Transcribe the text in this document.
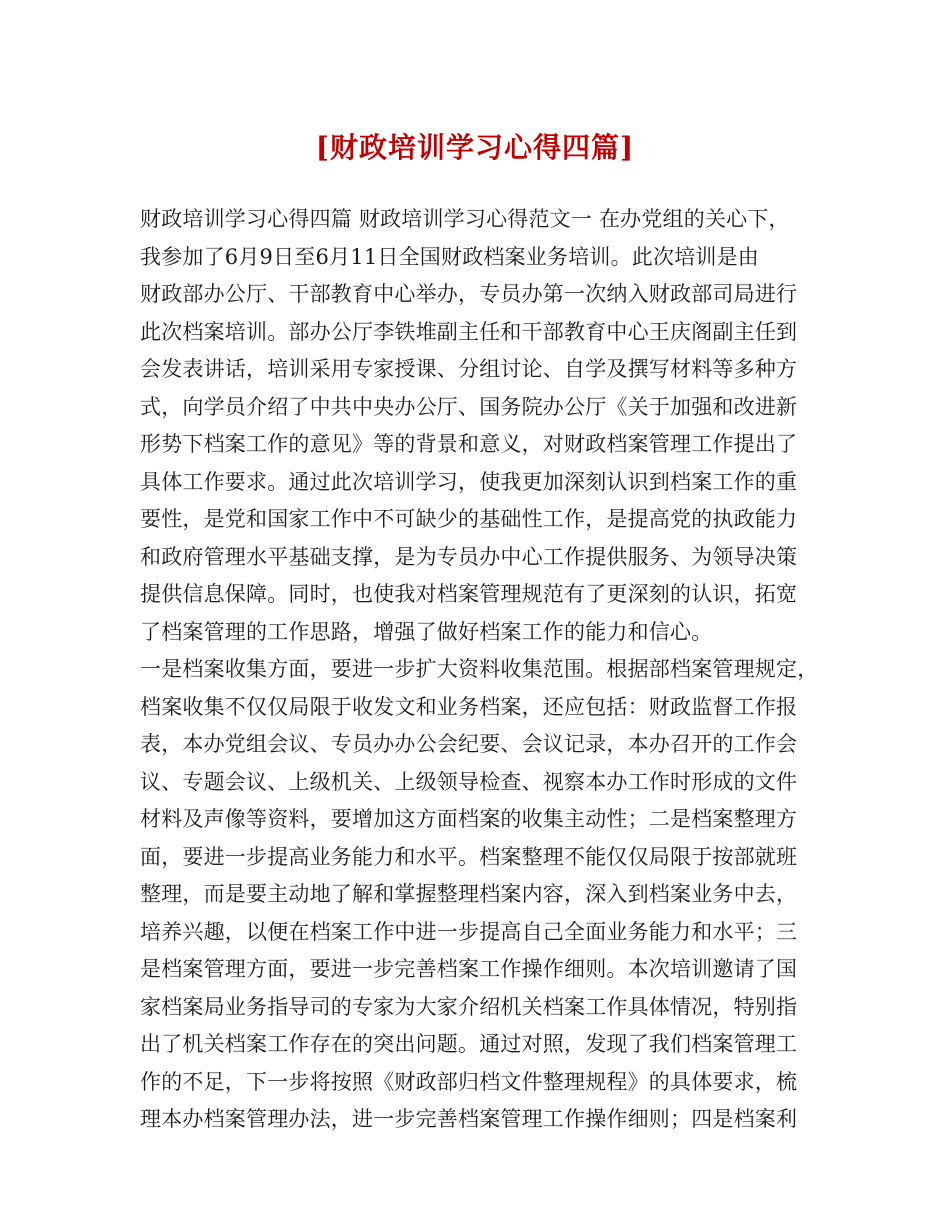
[财政培训学习心得四篇]
财政培训学习心得四篇 财政培训学习心得范文一 在办党组的关心下，
我参加了6月9日至6月11日全国财政档案业务培训。此次培训是由
财政部办公厅、干部教育中心举办，专员办第一次纳入财政部司局进行
此次档案培训。部办公厅李铁堆副主任和干部教育中心王庆阁副主任到
会发表讲话，培训采用专家授课、分组讨论、自学及撰写材料等多种方
式，向学员介绍了中共中央办公厅、国务院办公厅《关于加强和改进新
形势下档案工作的意见》等的背景和意义，对财政档案管理工作提出了
具体工作要求。通过此次培训学习，使我更加深刻认识到档案工作的重
要性，是党和国家工作中不可缺少的基础性工作，是提高党的执政能力
和政府管理水平基础支撑，是为专员办中心工作提供服务、为领导决策
提供信息保障。同时，也使我对档案管理规范有了更深刻的认识，拓宽
了档案管理的工作思路，增强了做好档案工作的能力和信心。
一是档案收集方面，要进一步扩大资料收集范围。根据部档案管理规定，
档案收集不仅仅局限于收发文和业务档案，还应包括：财政监督工作报
表，本办党组会议、专员办办公会纪要、会议记录，本办召开的工作会
议、专题会议、上级机关、上级领导检查、视察本办工作时形成的文件
材料及声像等资料，要增加这方面档案的收集主动性；二是档案整理方
面，要进一步提高业务能力和水平。档案整理不能仅仅局限于按部就班
整理，而是要主动地了解和掌握整理档案内容，深入到档案业务中去，
培养兴趣，以便在档案工作中进一步提高自己全面业务能力和水平；三
是档案管理方面，要进一步完善档案工作操作细则。本次培训邀请了国
家档案局业务指导司的专家为大家介绍机关档案工作具体情况，特别指
出了机关档案工作存在的突出问题。通过对照，发现了我们档案管理工
作的不足，下一步将按照《财政部归档文件整理规程》的具体要求，梳
理本办档案管理办法，进一步完善档案管理工作操作细则；四是档案利
